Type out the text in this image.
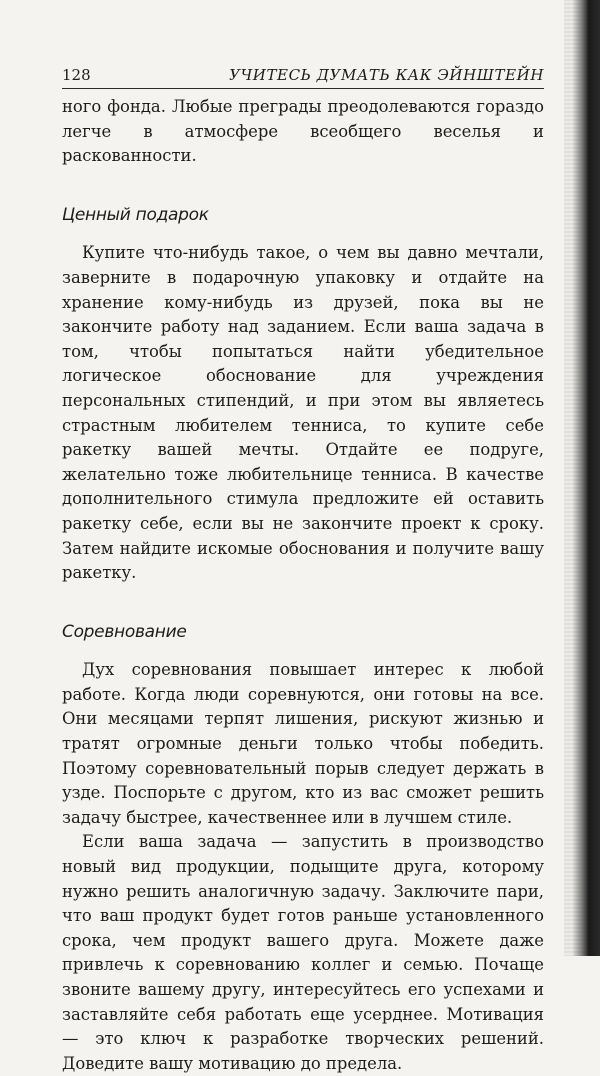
128	УЧИТЕСЬ ДУМАТЬ КАК ЭЙНШТЕЙН

ного фонда. Любые преграды преодолеваются гораздо легче в атмосфере всеобщего веселья и раскованности.

Ценный подарок

Купите что-нибудь такое, о чем вы давно мечтали, заверните в подарочную упаковку и отдайте на хранение кому-нибудь из друзей, пока вы не закончите работу над заданием. Если ваша задача в том, чтобы попытаться найти убедительное логическое обоснование для учреждения персональных стипендий, и при этом вы являетесь страстным любителем тенниса, то купите себе ракетку вашей мечты. Отдайте ее подруге, желательно тоже любительнице тенниса. В качестве дополнительного стимула предложите ей оставить ракетку себе, если вы не закончите проект к сроку. Затем найдите искомые обоснования и получите вашу ракетку.

Соревнование

Дух соревнования повышает интерес к любой работе. Когда люди соревнуются, они готовы на все. Они месяцами терпят лишения, рискуют жизнью и тратят огромные деньги только чтобы победить. Поэтому соревновательный порыв следует держать в узде. Поспорьте с другом, кто из вас сможет решить задачу быстрее, качественнее или в лучшем стиле.

Если ваша задача — запустить в производство новый вид продукции, подыщите друга, которому нужно решить аналогичную задачу. Заключите пари, что ваш продукт будет готов раньше установленного срока, чем продукт вашего друга. Можете даже привлечь к соревнованию коллег и семью. Почаще звоните вашему другу, интересуйтесь его успехами и заставляйте себя работать еще усерднее. Мотивация — это ключ к разработке творческих решений. Доведите вашу мотивацию до предела.
